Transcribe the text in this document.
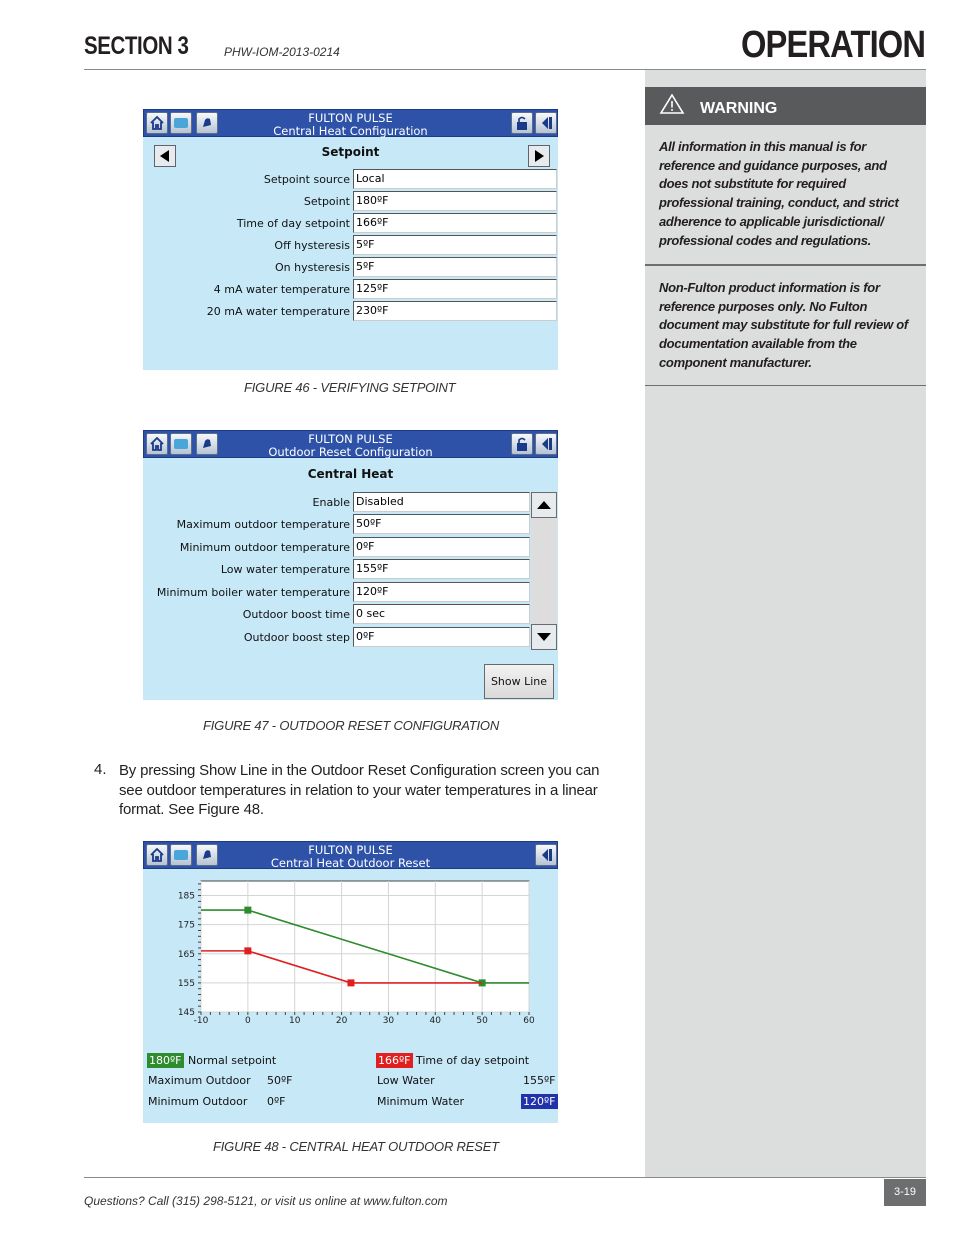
SECTION 3	PHW-IOM-2013-0214	OPERATION
WARNING
All information in this manual is for reference and guidance purposes, and does not substitute for required professional training, conduct, and strict adherence to applicable jurisdictional/ professional codes and regulations.
Non-Fulton product information is for reference purposes only. No Fulton document may substitute for full review of documentation available from the component manufacturer.
FULTON PULSE
Central Heat Configuration
Setpoint
Setpoint source Local
Setpoint 180ºF
Time of day setpoint 166ºF
Off hysteresis 5ºF
On hysteresis 5ºF
4 mA water temperature 125ºF
20 mA water temperature 230ºF
FIGURE 46 - VERIFYING SETPOINT
FULTON PULSE
Outdoor Reset Configuration
Central Heat
Enable Disabled
Maximum outdoor temperature 50ºF
Minimum outdoor temperature 0ºF
Low water temperature 155ºF
Minimum boiler water temperature 120ºF
Outdoor boost time 0 sec
Outdoor boost step 0ºF
Show Line
FIGURE 47 - OUTDOOR RESET CONFIGURATION
4. By pressing Show Line in the Outdoor Reset Configuration screen you can see outdoor temperatures in relation to your water temperatures in a linear format. See Figure 48.
FULTON PULSE
Central Heat Outdoor Reset
-10	0	10	20	30	40	50	60
145
155
165
175
185
180ºF Normal setpoint	166ºF Time of day setpoint
Maximum Outdoor 50ºF	Low Water	155ºF
Minimum Outdoor 0ºF	Minimum Water	120ºF
FIGURE 48 - CENTRAL HEAT OUTDOOR RESET
Questions? Call (315) 298-5121, or visit us online at www.fulton.com
3-19
